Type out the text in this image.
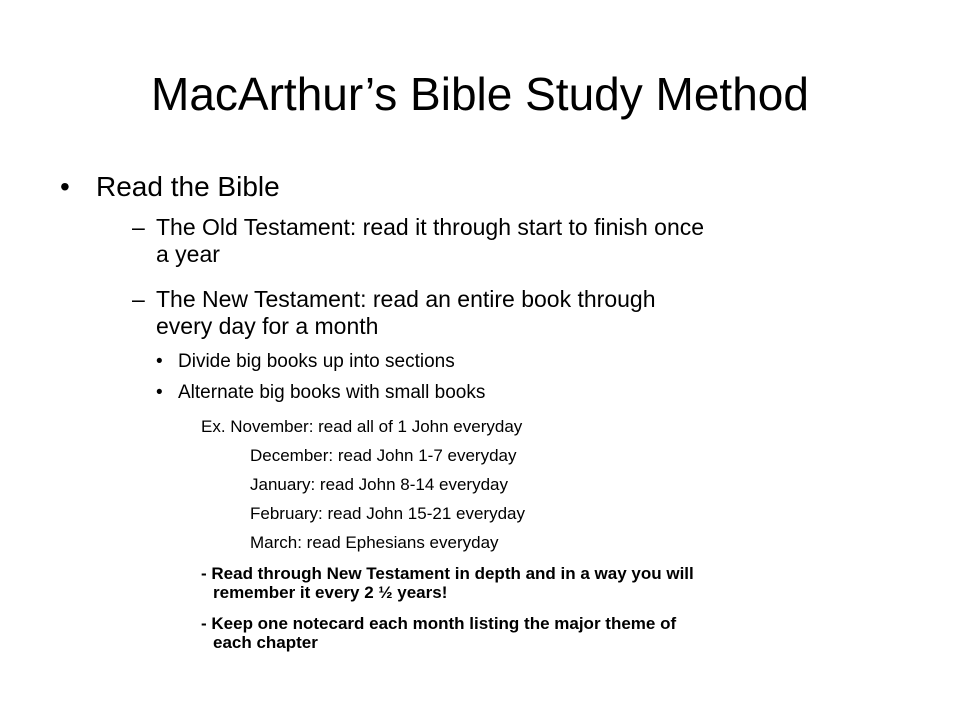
MacArthur’s Bible Study Method
• Read the Bible
– The Old Testament: read it through start to finish once
a year
– The New Testament: read an entire book through
every day for a month
• Divide big books up into sections
• Alternate big books with small books
Ex. November: read all of 1 John everyday
December: read John 1-7 everyday
January: read John 8-14 everyday
February: read John 15-21 everyday
March: read Ephesians everyday
- Read through New Testament in depth and in a way you will
remember it every 2 ½ years!
- Keep one notecard each month listing the major theme of
each chapter
